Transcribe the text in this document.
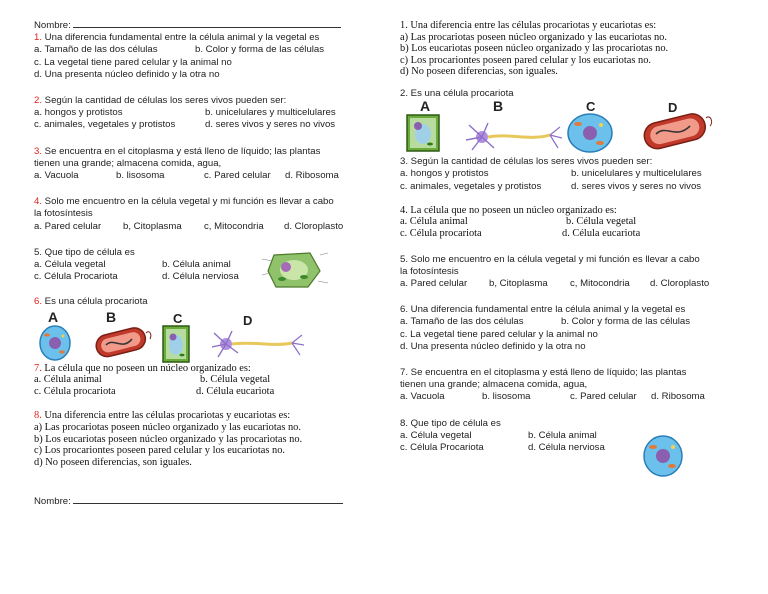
Nombre:
1. Una diferencia fundamental entre la célula animal y la vegetal es
a. Tamaño de las dos células	b. Color y forma de las células
c. La vegetal tiene pared celular y la animal no
d. Una presenta núcleo definido y la otra no
2. Según la cantidad de células los seres vivos pueden ser:
a. hongos y protistos	b. unicelulares y multicelulares
c. animales, vegetales y protistos	d. seres vivos y seres no vivos
3. Se encuentra en el citoplasma y está lleno de líquido; las plantas
tienen una grande; almacena comida, agua,
a. Vacuola	b. lisosoma	c. Pared celular	d. Ribosoma
4. Solo me encuentro en la célula vegetal y mi función es llevar a cabo
la fotosíntesis
a. Pared celular	b, Citoplasma	c, Mitocondria	d. Cloroplasto
5. Que tipo de célula es
a. Célula vegetal	b. Célula animal
c. Célula Procariota	d. Célula nerviosa
6. Es una célula procariota
A	B	C	D
7. La célula que no poseen un núcleo organizado es:
a. Célula animal	b. Célula vegetal
c. Célula procariota	d. Célula eucariota
8. Una diferencia entre las células procariotas y eucariotas es:
a) Las procariotas poseen núcleo organizado y las eucariotas no.
b) Los eucariotas poseen núcleo organizado y las procariotas no.
c) Los procariontes poseen pared celular y los eucariotas no.
d) No poseen diferencias, son iguales.
Nombre:
1. Una diferencia entre las células procariotas y eucariotas es:
a) Las procariotas poseen núcleo organizado y las eucariotas no.
b) Los eucariotas poseen núcleo organizado y las procariotas no.
c) Los procariontes poseen pared celular y los eucariotas no.
d) No poseen diferencias, son iguales.
2. Es una célula procariota
A	B	C	D
3. Según la cantidad de células los seres vivos pueden ser:
a. hongos y protistos	b. unicelulares y multicelulares
c. animales, vegetales y protistos	d. seres vivos y seres no vivos
4. La célula que no poseen un núcleo organizado es:
a. Célula animal	b. Célula vegetal
c. Célula procariota	d. Célula eucariota
5. Solo me encuentro en la célula vegetal y mi función es llevar a cabo
la fotosíntesis
a. Pared celular	b, Citoplasma	c, Mitocondria	d. Cloroplasto
6. Una diferencia fundamental entre la célula animal y la vegetal es
a. Tamaño de las dos células	b. Color y forma de las células
c. La vegetal tiene pared celular y la animal no
d. Una presenta núcleo definido y la otra no
7. Se encuentra en el citoplasma y está lleno de líquido; las plantas
tienen una grande; almacena comida, agua,
a. Vacuola	b. lisosoma	c. Pared celular	d. Ribosoma
8. Que tipo de célula es
a. Célula vegetal	b. Célula animal
c. Célula Procariota	d. Célula nerviosa
